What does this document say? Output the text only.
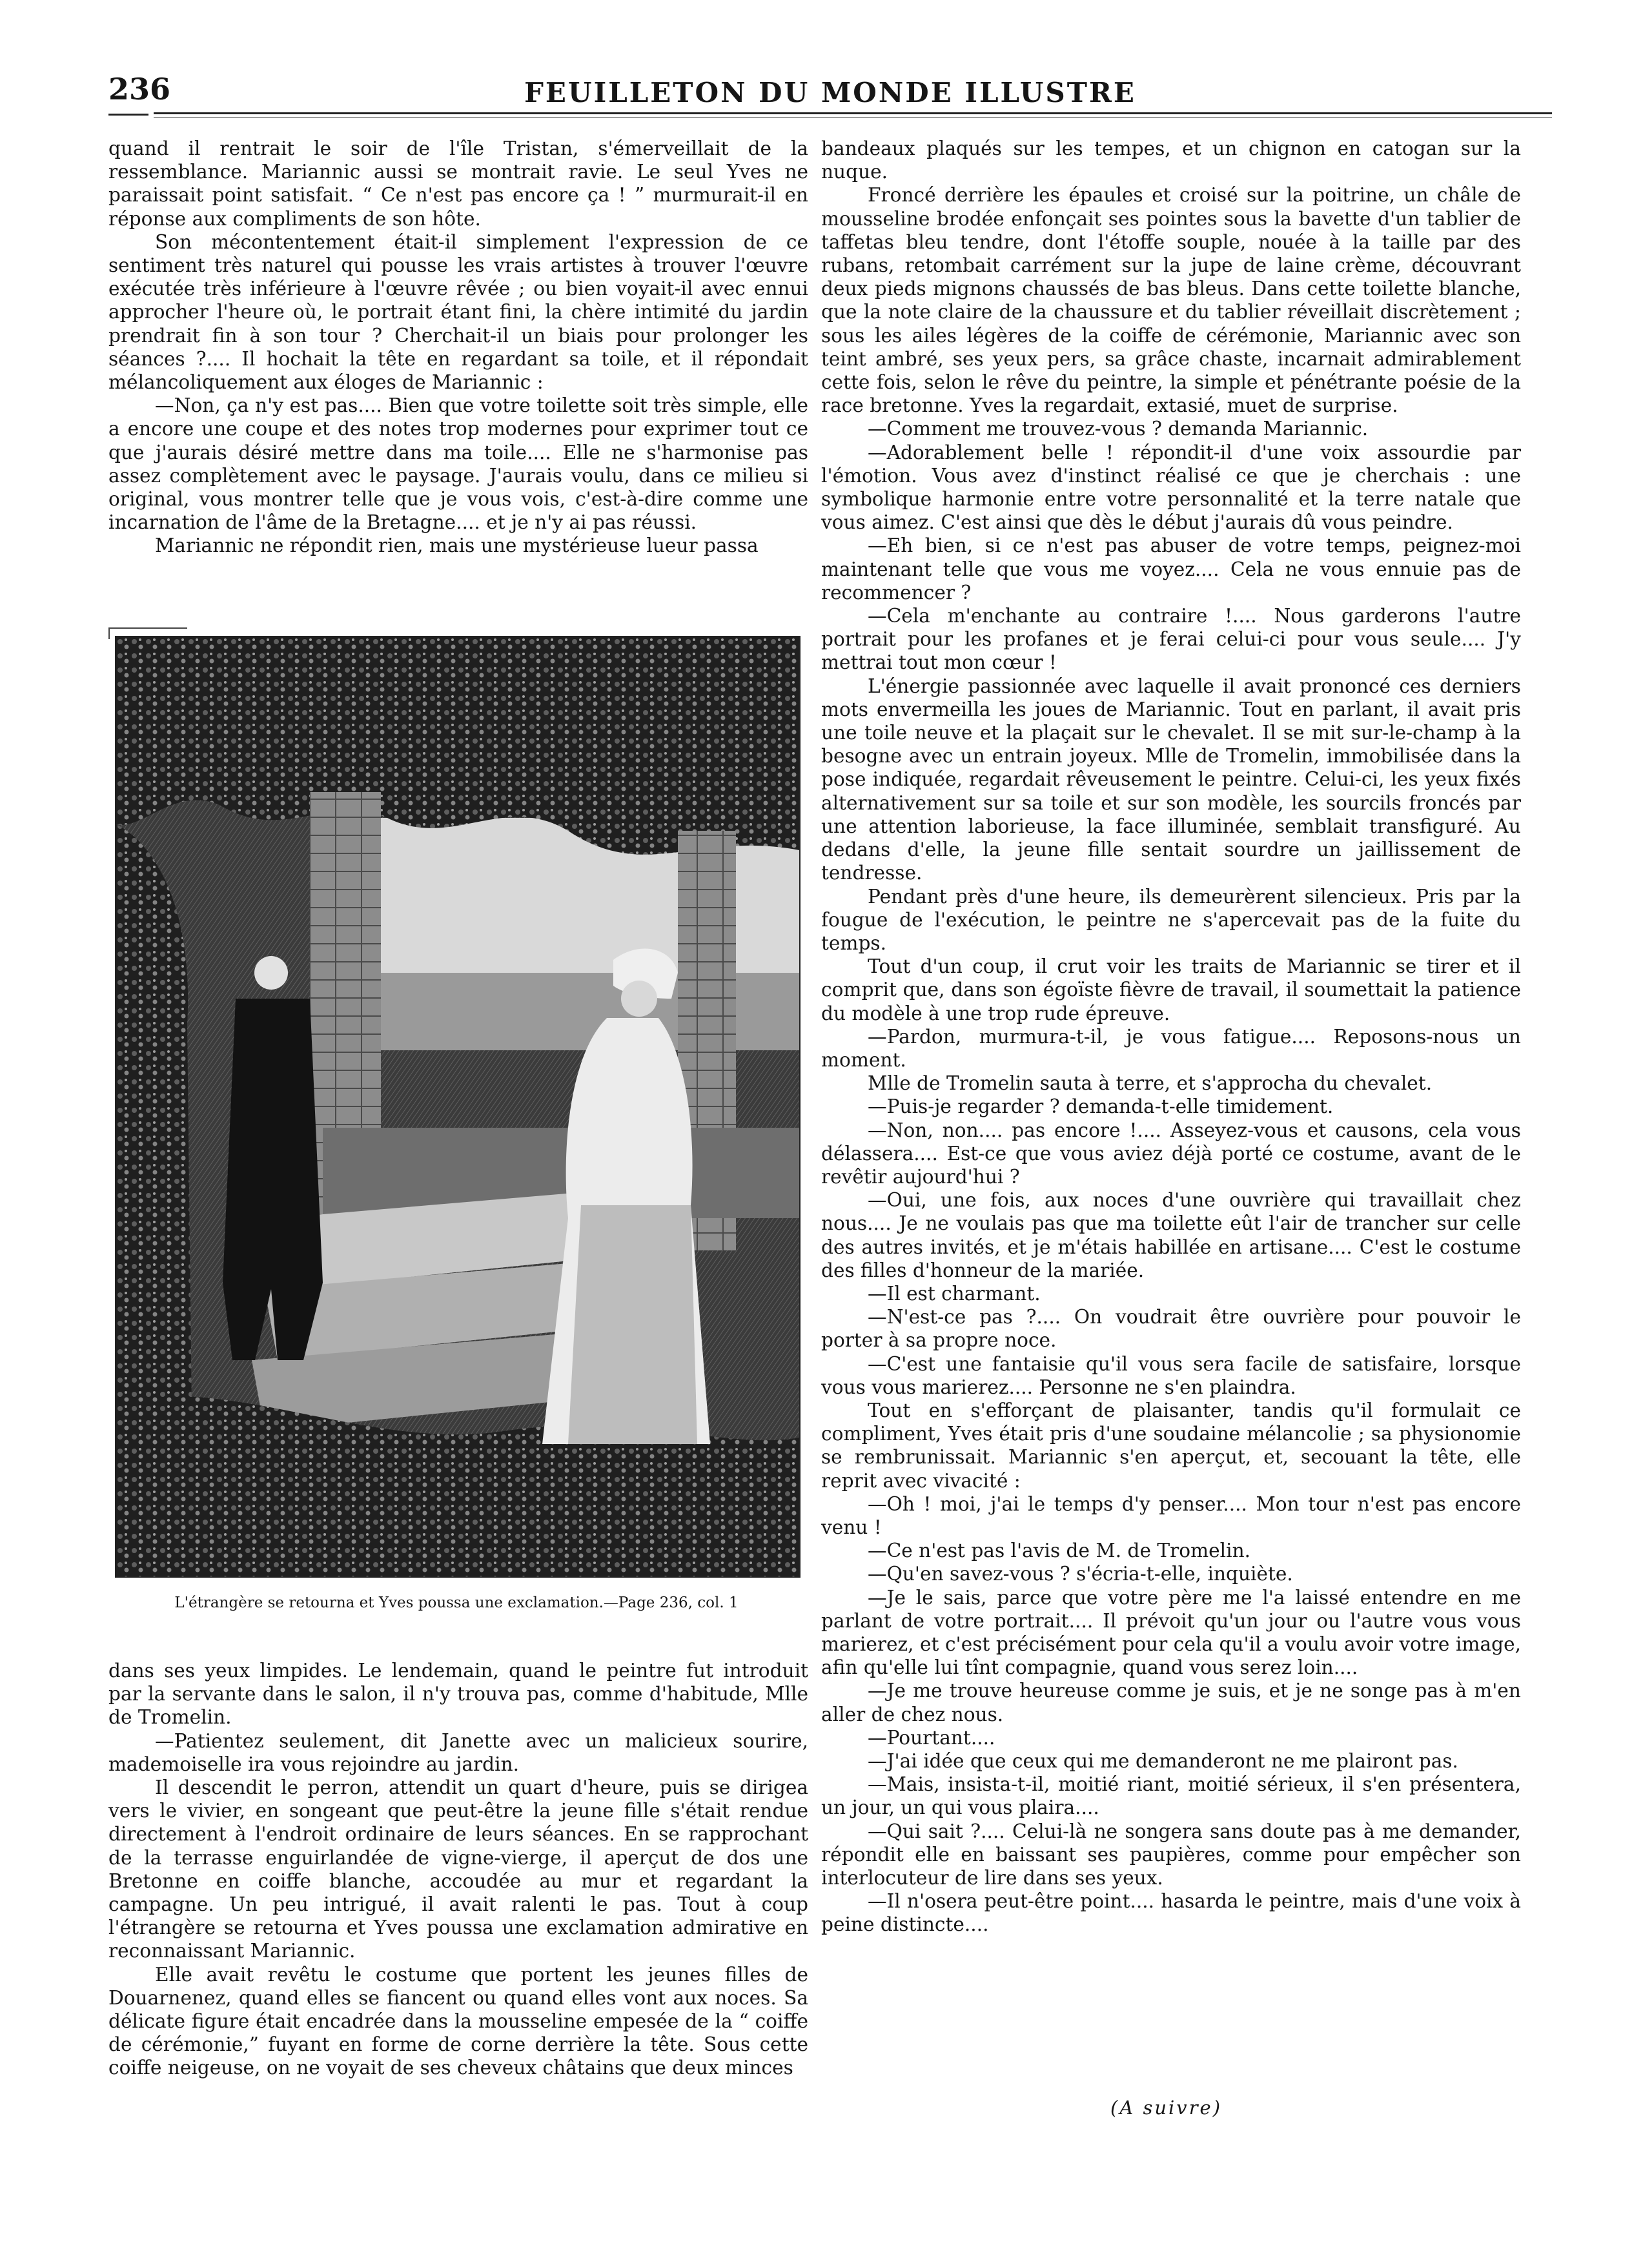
236	FEUILLETON DU MONDE ILLUSTRE

quand il rentrait le soir de l'île Tristan, s'émerveillait de la ressemblance. Mariannic aussi se montrait ravie. Le seul Yves ne paraissait point satisfait. “ Ce n'est pas encore ça ! ” murmurait-il en réponse aux compliments de son hôte.

Son mécontentement était-il simplement l'expression de ce sentiment très naturel qui pousse les vrais artistes à trouver l'œuvre exécutée très inférieure à l'œuvre rêvée ; ou bien voyait-il avec ennui approcher l'heure où, le portrait étant fini, la chère intimité du jardin prendrait fin à son tour ? Cherchait-il un biais pour prolonger les séances ?.... Il hochait la tête en regardant sa toile, et il répondait mélancoliquement aux éloges de Mariannic :

—Non, ça n'y est pas.... Bien que votre toilette soit très simple, elle a encore une coupe et des notes trop modernes pour exprimer tout ce que j'aurais désiré mettre dans ma toile.... Elle ne s'harmonise pas assez complètement avec le paysage. J'aurais voulu, dans ce milieu si original, vous montrer telle que je vous vois, c'est-à-dire comme une incarnation de l'âme de la Bretagne.... et je n'y ai pas réussi.

Mariannic ne répondit rien, mais une mystérieuse lueur passa

L'étrangère se retourna et Yves poussa une exclamation.—Page 236, col. 1

dans ses yeux limpides. Le lendemain, quand le peintre fut introduit par la servante dans le salon, il n'y trouva pas, comme d'habitude, Mlle de Tromelin.

—Patientez seulement, dit Janette avec un malicieux sourire, mademoiselle ira vous rejoindre au jardin.

Il descendit le perron, attendit un quart d'heure, puis se dirigea vers le vivier, en songeant que peut-être la jeune fille s'était rendue directement à l'endroit ordinaire de leurs séances. En se rapprochant de la terrasse enguirlandée de vigne-vierge, il aperçut de dos une Bretonne en coiffe blanche, accoudée au mur et regardant la campagne. Un peu intrigué, il avait ralenti le pas. Tout à coup l'étrangère se retourna et Yves poussa une exclamation admirative en reconnaissant Mariannic.

Elle avait revêtu le costume que portent les jeunes filles de Douarnenez, quand elles se fiancent ou quand elles vont aux noces. Sa délicate figure était encadrée dans la mousseline empesée de la “ coiffe de cérémonie,” fuyant en forme de corne derrière la tête. Sous cette coiffe neigeuse, on ne voyait de ses cheveux châtains que deux minces

bandeaux plaqués sur les tempes, et un chignon en catogan sur la nuque.

Froncé derrière les épaules et croisé sur la poitrine, un châle de mousseline brodée enfonçait ses pointes sous la bavette d'un tablier de taffetas bleu tendre, dont l'étoffe souple, nouée à la taille par des rubans, retombait carrément sur la jupe de laine crème, découvrant deux pieds mignons chaussés de bas bleus. Dans cette toilette blanche, que la note claire de la chaussure et du tablier réveillait discrètement ; sous les ailes légères de la coiffe de cérémonie, Mariannic avec son teint ambré, ses yeux pers, sa grâce chaste, incarnait admirablement cette fois, selon le rêve du peintre, la simple et pénétrante poésie de la race bretonne. Yves la regardait, extasié, muet de surprise.

—Comment me trouvez-vous ? demanda Mariannic.

—Adorablement belle ! répondit-il d'une voix assourdie par l'émotion. Vous avez d'instinct réalisé ce que je cherchais : une symbolique harmonie entre votre personnalité et la terre natale que vous aimez. C'est ainsi que dès le début j'aurais dû vous peindre.

—Eh bien, si ce n'est pas abuser de votre temps, peignez-moi maintenant telle que vous me voyez.... Cela ne vous ennuie pas de recommencer ?

—Cela m'enchante au contraire !.... Nous garderons l'autre portrait pour les profanes et je ferai celui-ci pour vous seule.... J'y mettrai tout mon cœur !

L'énergie passionnée avec laquelle il avait prononcé ces derniers mots envermeilla les joues de Mariannic. Tout en parlant, il avait pris une toile neuve et la plaçait sur le chevalet. Il se mit sur-le-champ à la besogne avec un entrain joyeux. Mlle de Tromelin, immobilisée dans la pose indiquée, regardait rêveusement le peintre. Celui-ci, les yeux fixés alternativement sur sa toile et sur son modèle, les sourcils froncés par une attention laborieuse, la face illuminée, semblait transfiguré. Au dedans d'elle, la jeune fille sentait sourdre un jaillissement de tendresse.

Pendant près d'une heure, ils demeurèrent silencieux. Pris par la fougue de l'exécution, le peintre ne s'apercevait pas de la fuite du temps.

Tout d'un coup, il crut voir les traits de Mariannic se tirer et il comprit que, dans son égoïste fièvre de travail, il soumettait la patience du modèle à une trop rude épreuve.

—Pardon, murmura-t-il, je vous fatigue.... Reposons-nous un moment.

Mlle de Tromelin sauta à terre, et s'approcha du chevalet.

—Puis-je regarder ? demanda-t-elle timidement.

—Non, non.... pas encore !.... Asseyez-vous et causons, cela vous délassera.... Est-ce que vous aviez déjà porté ce costume, avant de le revêtir aujourd'hui ?

—Oui, une fois, aux noces d'une ouvrière qui travaillait chez nous.... Je ne voulais pas que ma toilette eût l'air de trancher sur celle des autres invités, et je m'étais habillée en artisane.... C'est le costume des filles d'honneur de la mariée.

—Il est charmant.

—N'est-ce pas ?.... On voudrait être ouvrière pour pouvoir le porter à sa propre noce.

—C'est une fantaisie qu'il vous sera facile de satisfaire, lorsque vous vous marierez.... Personne ne s'en plaindra.

Tout en s'efforçant de plaisanter, tandis qu'il formulait ce compliment, Yves était pris d'une soudaine mélancolie ; sa physionomie se rembrunissait. Mariannic s'en aperçut, et, secouant la tête, elle reprit avec vivacité :

—Oh ! moi, j'ai le temps d'y penser.... Mon tour n'est pas encore venu !

—Ce n'est pas l'avis de M. de Tromelin.

—Qu'en savez-vous ? s'écria-t-elle, inquiète.

—Je le sais, parce que votre père me l'a laissé entendre en me parlant de votre portrait.... Il prévoit qu'un jour ou l'autre vous vous marierez, et c'est précisément pour cela qu'il a voulu avoir votre image, afin qu'elle lui tînt compagnie, quand vous serez loin....

—Je me trouve heureuse comme je suis, et je ne songe pas à m'en aller de chez nous.

—Pourtant....

—J'ai idée que ceux qui me demanderont ne me plairont pas.

—Mais, insista-t-il, moitié riant, moitié sérieux, il s'en présentera, un jour, un qui vous plaira....

—Qui sait ?.... Celui-là ne songera sans doute pas à me demander, répondit elle en baissant ses paupières, comme pour empêcher son interlocuteur de lire dans ses yeux.

—Il n'osera peut-être point.... hasarda le peintre, mais d'une voix à peine distincte....

(A suivre)
